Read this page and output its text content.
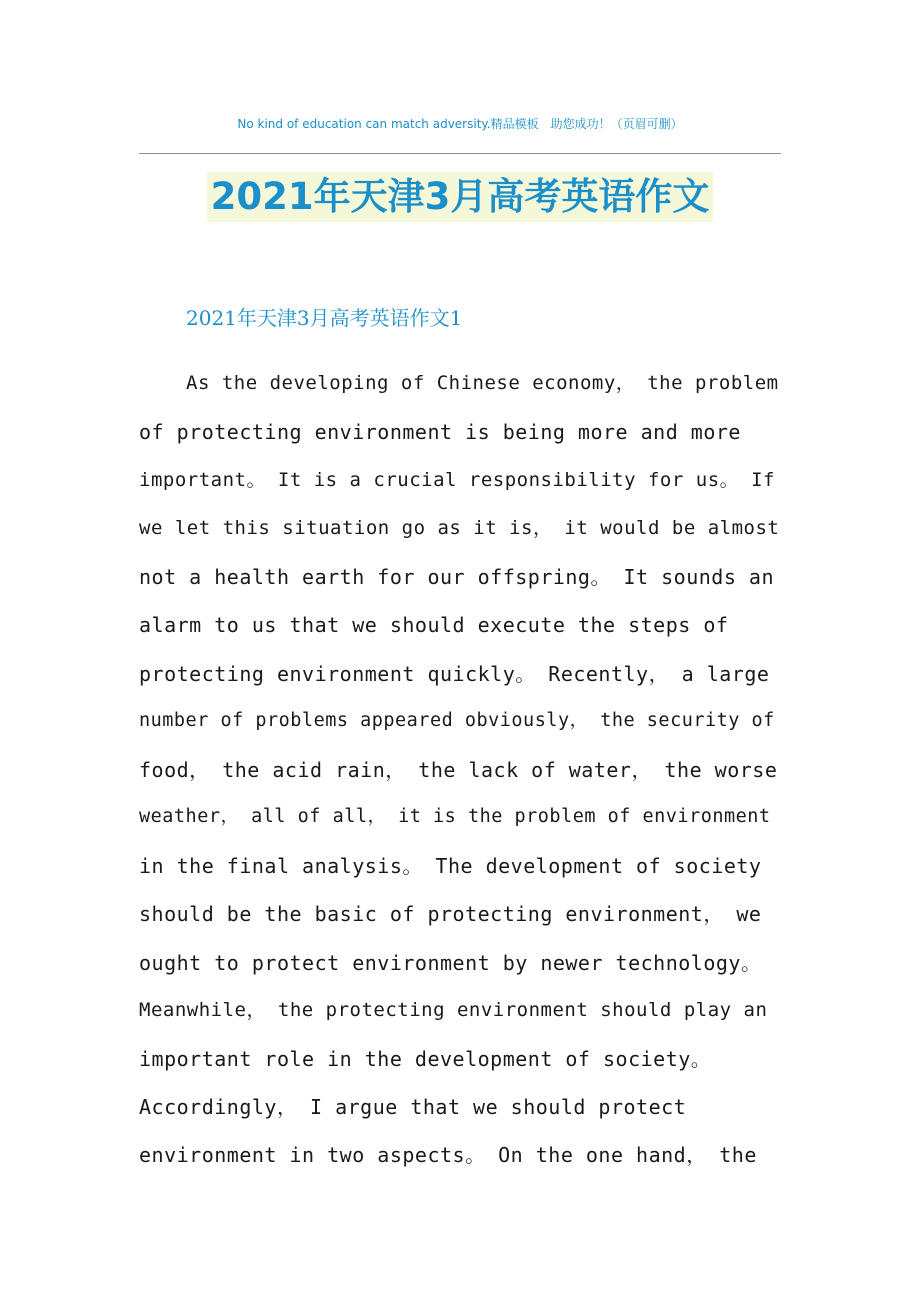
No kind of education can match adversity.精品模板　助您成功！（页眉可删）
2021年天津3月高考英语作文
2021年天津3月高考英语作文1
As the developing of Chinese economy， the problem
of protecting environment is being more and more
important。 It is a crucial responsibility for us。 If
we let this situation go as it is， it would be almost
not a health earth for our offspring。 It sounds an
alarm to us that we should execute the steps of
protecting environment quickly。 Recently， a large
number of problems appeared obviously， the security of
food， the acid rain， the lack of water， the worse
weather， all of all， it is the problem of environment
in the final analysis。 The development of society
should be the basic of protecting environment， we
ought to protect environment by newer technology。
Meanwhile， the protecting environment should play an
important role in the development of society。
Accordingly， I argue that we should protect
environment in two aspects。 On the one hand， the
